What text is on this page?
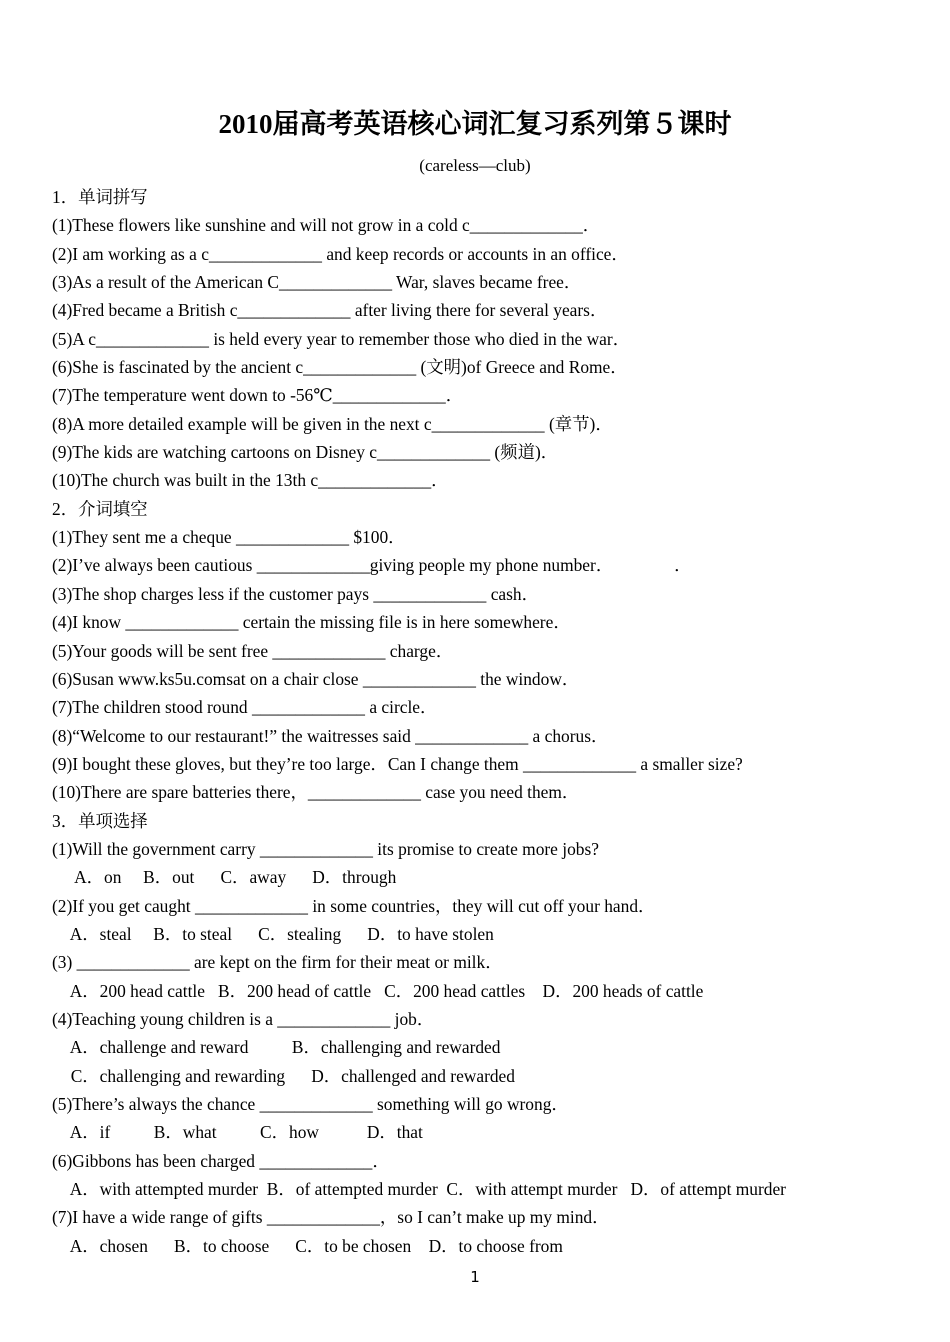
2010届高考英语核心词汇复习系列第５课时
(careless—club)
1．单词拼写
(1)These flowers like sunshine and will not grow in a cold c_____________．
(2)I am working as a c_____________ and keep records or accounts in an office．
(3)As a result of the American C_____________ War, slaves became free．
(4)Fred became a British c_____________ after living there for several years．
(5)A c_____________ is held every year to remember those who died in the war．
(6)She is fascinated by the ancient c_____________ (文明)of Greece and Rome．
(7)The temperature went down to -56℃_____________．
(8)A more detailed example will be given in the next c_____________ (章节)．
(9)The kids are watching cartoons on Disney c_____________ (频道)．
(10)The church was built in the 13th c_____________．
2．介词填空
(1)They sent me a cheque _____________ $100．
(2)I’ve always been cautious _____________giving people my phone number．              ．
(3)The shop charges less if the customer pays _____________ cash．
(4)I know _____________ certain the missing file is in here somewhere．
(5)Your goods will be sent free _____________ charge．
(6)Susan www.ks5u.comsat on a chair close _____________ the window．
(7)The children stood round _____________ a circle．
(8)“Welcome to our restaurant!” the waitresses said _____________ a chorus．
(9)I bought these gloves, but they’re too large．Can I change them _____________ a smaller size?
(10)There are spare batteries there，_____________ case you need them．
3．单项选择
(1)Will the government carry _____________ its promise to create more jobs?
A．on     B．out      C．away      D．through
(2)If you get caught _____________ in some countries，they will cut off your hand．
A．steal     B．to steal      C．stealing      D．to have stolen
(3) _____________ are kept on the firm for their meat or milk．
A．200 head cattle   B．200 head of cattle   C．200 head cattles    D．200 heads of cattle
(4)Teaching young children is a _____________ job．
A．challenge and reward          B．challenging and rewarded
C．challenging and rewarding      D．challenged and rewarded
(5)There’s always the chance _____________ something will go wrong．
A．if          B．what          C．how           D．that
(6)Gibbons has been charged _____________．
A．with attempted murder  B．of attempted murder  C．with attempt murder   D．of attempt murder
(7)I have a wide range of gifts _____________，so I can’t make up my mind．
A．chosen      B．to choose      C．to be chosen    D．to choose from
1
